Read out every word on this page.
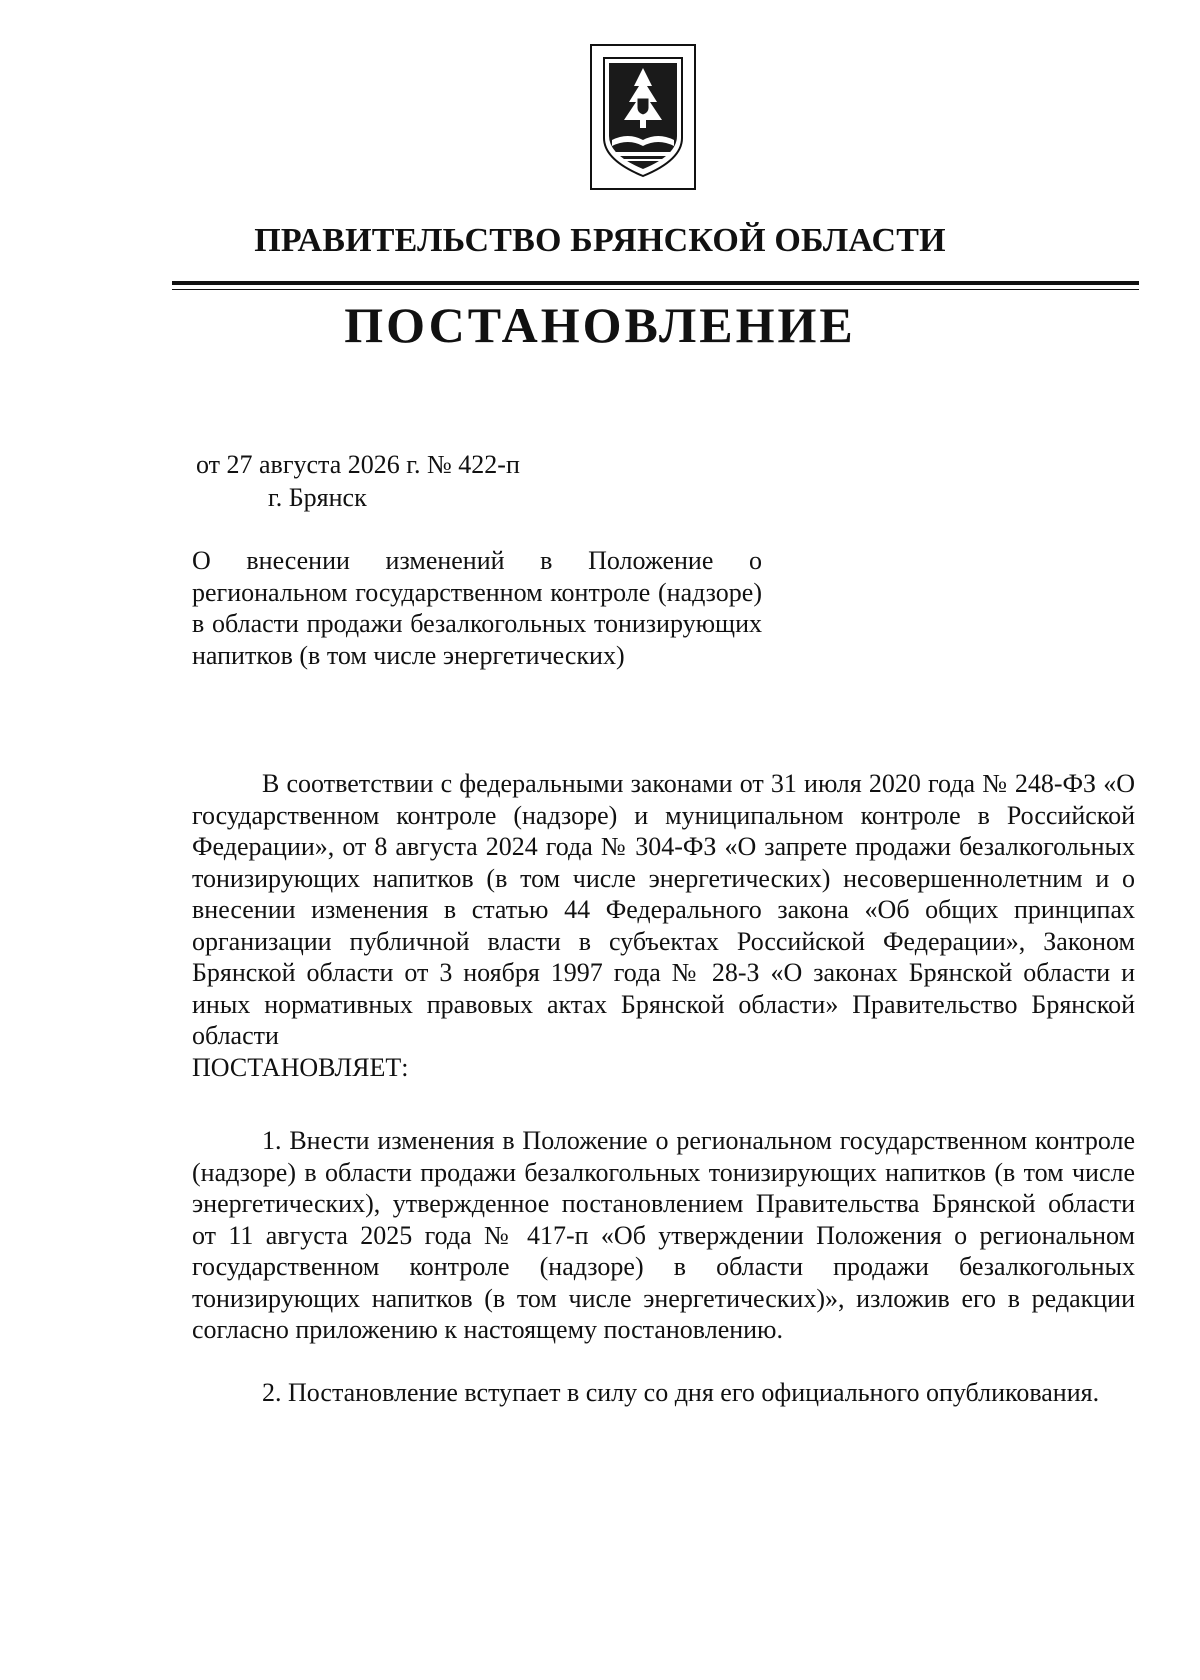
ПРАВИТЕЛЬСТВО БРЯНСКОЙ ОБЛАСТИ
ПОСТАНОВЛЕНИЕ
от 27 августа 2026 г. № 422-п
г. Брянск
О внесении изменений в Положение о региональном государственном контроле (надзоре) в области продажи безалкогольных тонизирующих напитков (в том числе энергетических)
В соответствии с федеральными законами от 31 июля 2020 года № 248-ФЗ «О государственном контроле (надзоре) и муниципальном контроле в Российской Федерации», от 8 августа 2024 года № 304-ФЗ «О запрете продажи безалкогольных тонизирующих напитков (в том числе энергетических) несовершеннолетним и о внесении изменения в статью 44 Федерального закона «Об общих принципах организации публичной власти в субъектах Российской Федерации», Законом Брянской области от 3 ноября 1997 года № 28-З «О законах Брянской области и иных нормативных правовых актах Брянской области» Правительство Брянской области
ПОСТАНОВЛЯЕТ:
1. Внести изменения в Положение о региональном государственном контроле (надзоре) в области продажи безалкогольных тонизирующих напитков (в том числе энергетических), утвержденное постановлением Правительства Брянской области от 11 августа 2025 года № 417-п «Об утверждении Положения о региональном государственном контроле (надзоре) в области продажи безалкогольных тонизирующих напитков (в том числе энергетических)», изложив его в редакции согласно приложению к настоящему постановлению.
2. Постановление вступает в силу со дня его официального опубликования.
